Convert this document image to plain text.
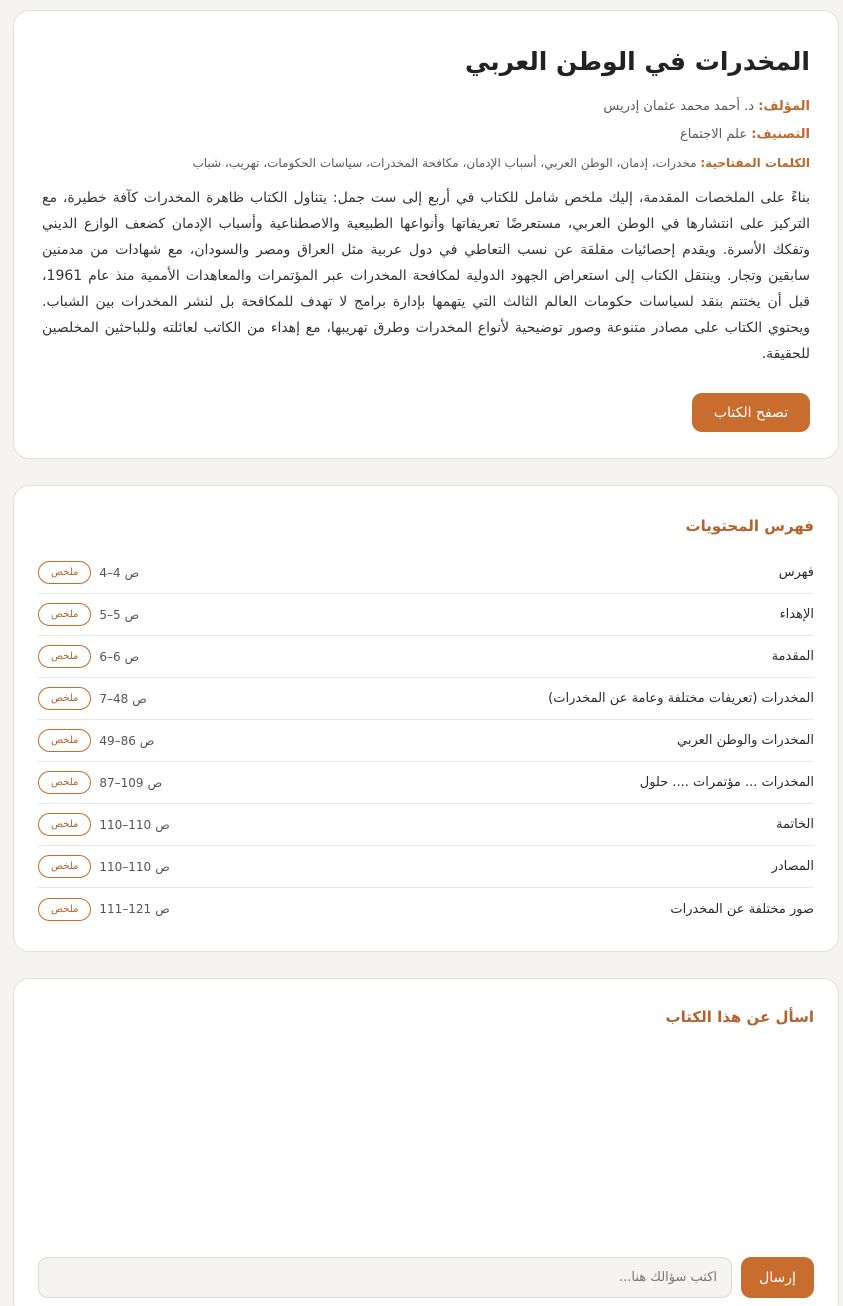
المخدرات في الوطن العربي
المؤلف: د. أحمد محمد عثمان إدريس
التصنيف: علم الاجتماع
الكلمات المفتاحية: مخدرات، إدمان، الوطن العربي، أسباب الإدمان، مكافحة المخدرات، سياسات الحكومات، تهريب، شباب

بناءً على الملخصات المقدمة، إليك ملخص شامل للكتاب في أربع إلى ست جمل: يتناول الكتاب ظاهرة المخدرات كآفة خطيرة، مع التركيز على انتشارها في الوطن العربي، مستعرضًا تعريفاتها وأنواعها الطبيعية والاصطناعية وأسباب الإدمان كضعف الوازع الديني وتفكك الأسرة. ويقدم إحصائيات مقلقة عن نسب التعاطي في دول عربية مثل العراق ومصر والسودان، مع شهادات من مدمنين سابقين وتجار. وينتقل الكتاب إلى استعراض الجهود الدولية لمكافحة المخدرات عبر المؤتمرات والمعاهدات الأممية منذ عام 1961، قبل أن يختتم بنقد لسياسات حكومات العالم الثالث التي يتهمها بإدارة برامج لا تهدف للمكافحة بل لنشر المخدرات بين الشباب. ويحتوي الكتاب على مصادر متنوعة وصور توضيحية لأنواع المخدرات وطرق تهريبها، مع إهداء من الكاتب لعائلته وللباحثين المخلصين للحقيقة.

تصفح الكتاب
فهرس المحتويات
فهرس
ص
4–4
ملخص
الإهداء
ص
5–5
ملخص
المقدمة
ص
6–6
ملخص
المخدرات (تعريفات مختلفة وعامة عن المخدرات)
ص
7–48
ملخص
المخدرات والوطن العربي
ص
49–86
ملخص
المخدرات ... مؤتمرات .... حلول
ص
87–109
ملخص
الخاتمة
ص
110–110
ملخص
المصادر
ص
110–110
ملخص
صور مختلفة عن المخدرات
ص
111–121
ملخص
اسأل عن هذا الكتاب
إرسال
اكتب سؤالك هنا...
